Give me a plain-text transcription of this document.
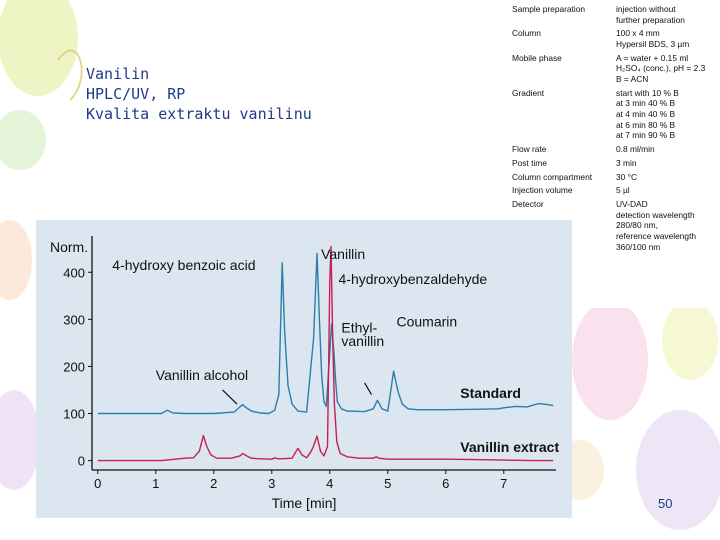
Vanilin
HPLC/UV, RP
Kvalita extraktu vanilinu
Sample preparation	injection without
further preparation
Column	100 x 4 mm
Hypersil BDS, 3 µm
Mobile phase	A = water + 0.15 ml
H₂SO₄ (conc.), pH = 2.3
B = ACN
Gradient	start with 10 % B
at 3 min 40 % B
at 4 min 40 % B
at 6 min 80 % B
at 7 min 90 % B
Flow rate	0.8 ml/min
Post time	3 min
Column compartment	30 °C
Injection volume	5 µl
Detector	UV-DAD
detection wavelength
280/80 nm,
reference wavelength
360/100 nm
0
100
200
300
400
0	1	2	3	4	5	6	7
Norm.
Time [min]
4-hydroxy benzoic acid
Vanillin
4-hydroxybenzaldehyde
Ethyl-
vanillin
Coumarin
Vanillin alcohol
Standard
Vanillin extract
50
